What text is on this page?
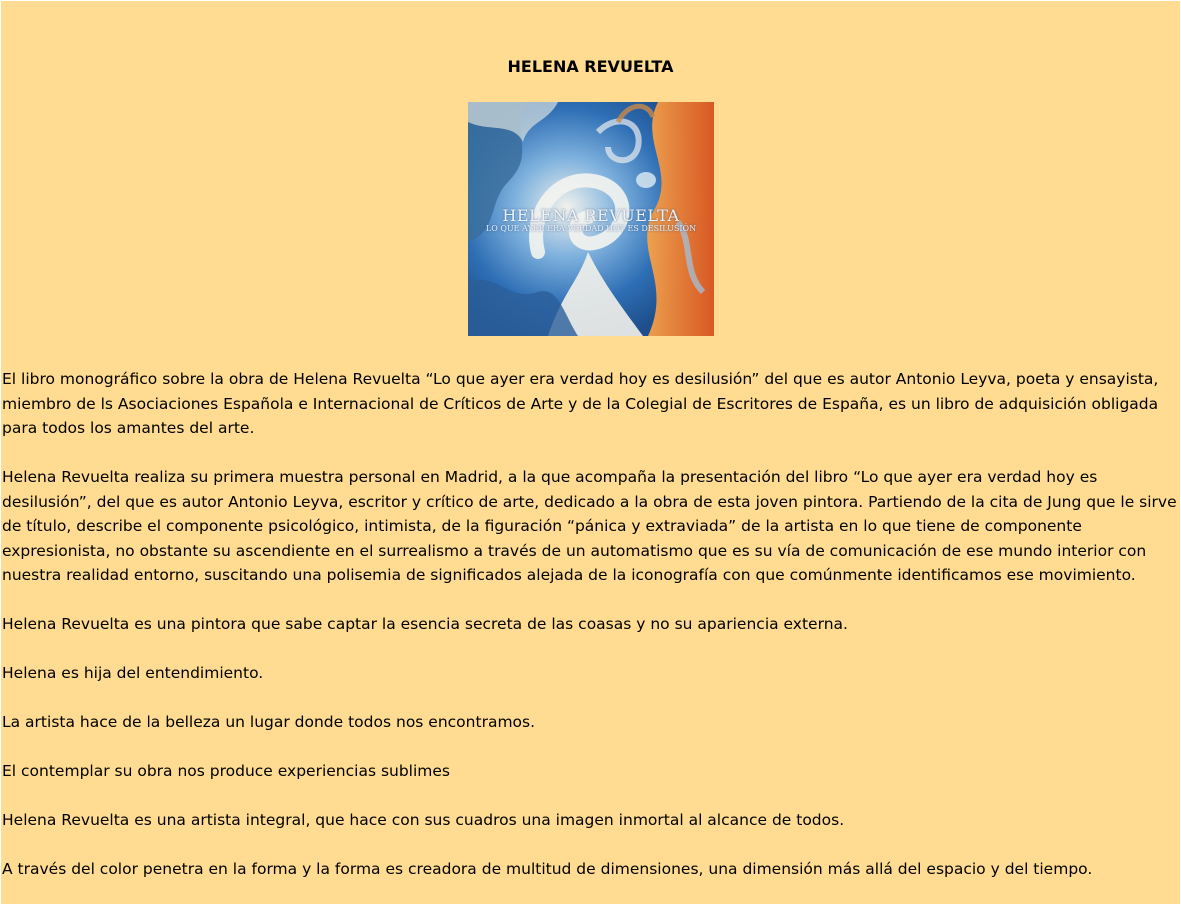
HELENA REVUELTA
HELENA REVUELTA
LO QUE AYER ERA VERDAD HOY ES DESILUSIÓN

El libro monográfico sobre la obra de Helena Revuelta “Lo que ayer era verdad hoy es desilusión” del que es autor Antonio Leyva, poeta y ensayista, miembro de ls Asociaciones Española e Internacional de Críticos de Arte y de la Colegial de Escritores de España, es un libro de adquisición obligada para todos los amantes del arte.

Helena Revuelta realiza su primera muestra personal en Madrid, a la que acompaña la presentación del libro “Lo que ayer era verdad hoy es desilusión”, del que es autor Antonio Leyva, escritor y crítico de arte, dedicado a la obra de esta joven pintora. Partiendo de la cita de Jung que le sirve de título, describe el componente psicológico, intimista, de la figuración “pánica y extraviada” de la artista en lo que tiene de componente expresionista, no obstante su ascendiente en el surrealismo a través de un automatismo que es su vía de comunicación de ese mundo interior con nuestra realidad entorno, suscitando una polisemia de significados alejada de la iconografía con que comúnmente identificamos ese movimiento.

Helena Revuelta es una pintora que sabe captar la esencia secreta de las coasas y no su apariencia externa.

Helena es hija del entendimiento.

La artista hace de la belleza un lugar donde todos nos encontramos.

El contemplar su obra nos produce experiencias sublimes

Helena Revuelta es una artista integral, que hace con sus cuadros una imagen inmortal al alcance de todos.

A través del color penetra en la forma y la forma es creadora de multitud de dimensiones, una dimensión más allá del espacio y del tiempo.
